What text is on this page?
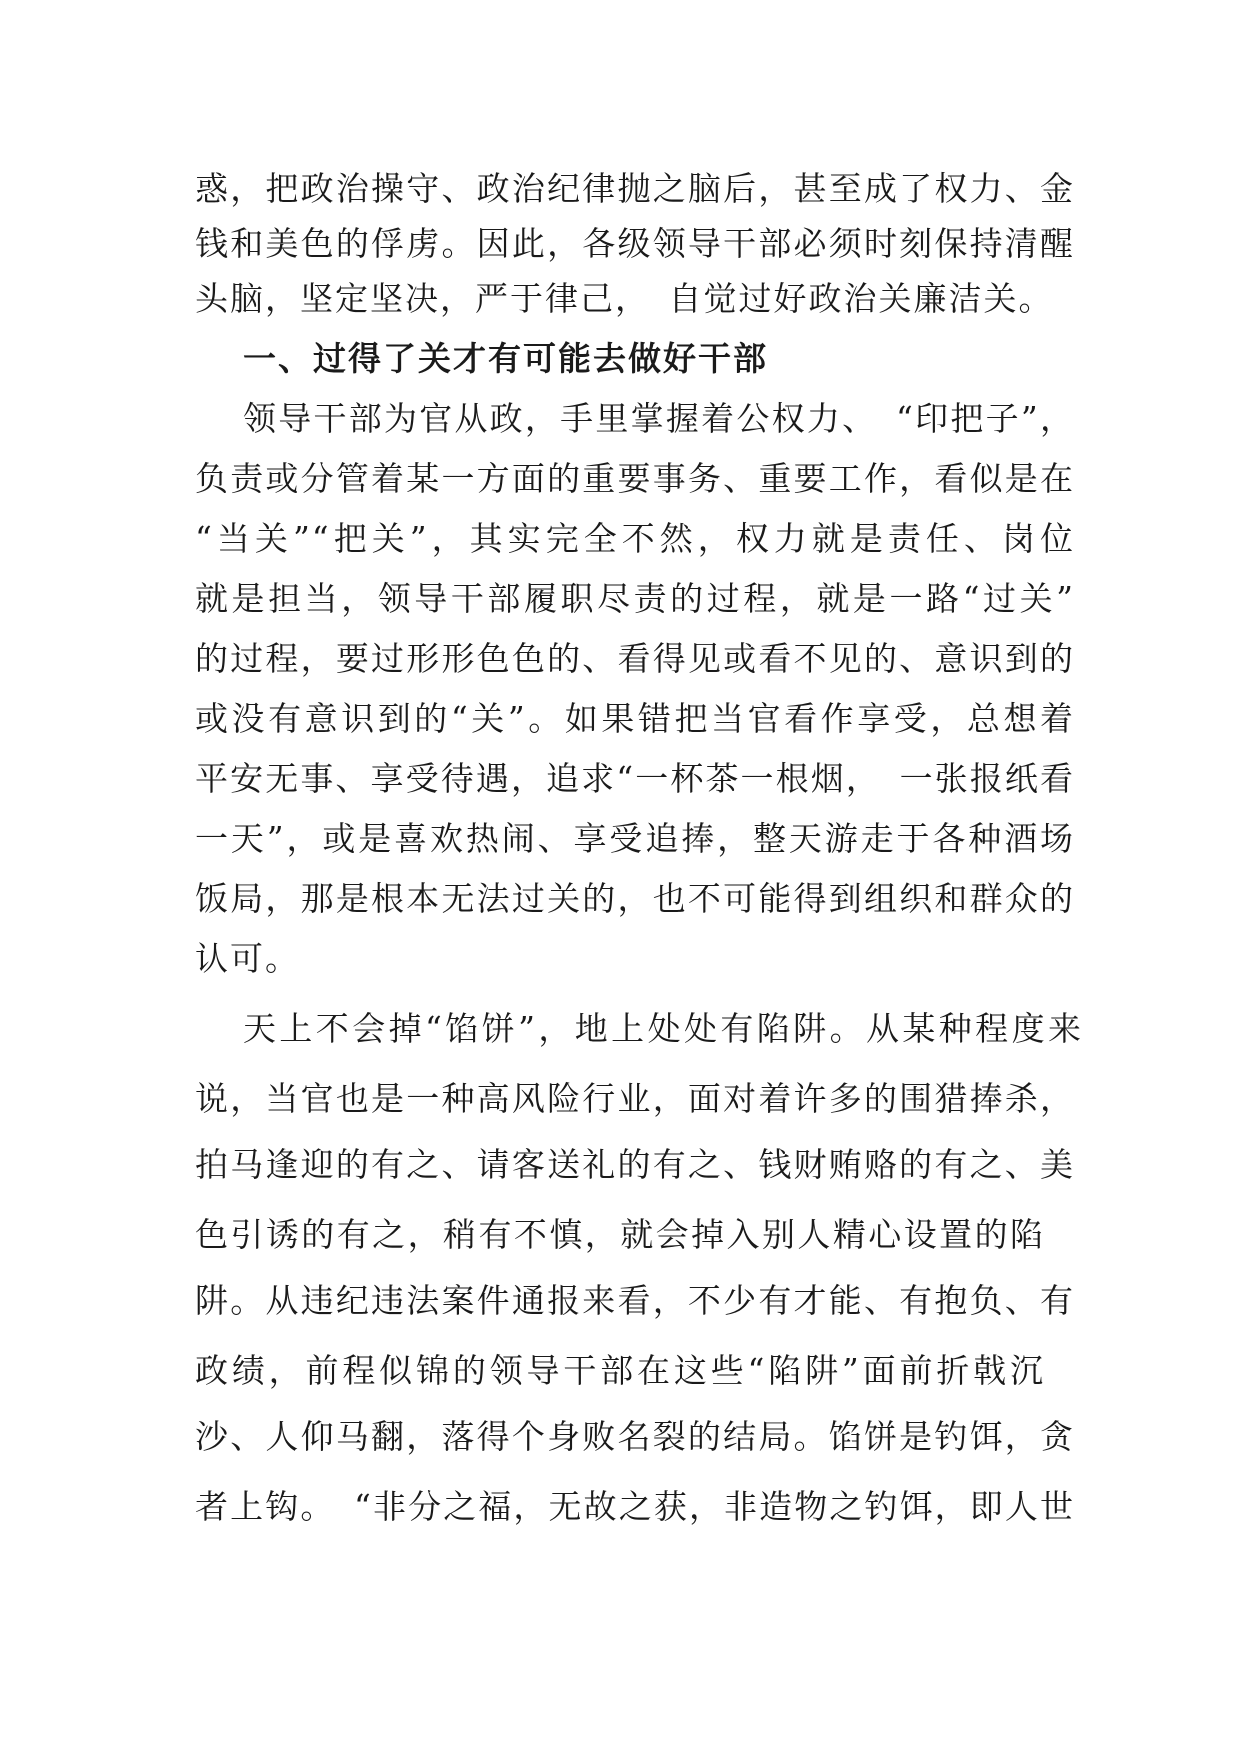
惑，把政治操守、政治纪律抛之脑后，甚至成了权力、金
钱和美色的俘虏。因此，各级领导干部必须时刻保持清醒
头脑，坚定坚决，严于律己，　自觉过好政治关廉洁关。
一、过得了关才有可能去做好干部
领导干部为官从政，手里掌握着公权力、　“印把子”，
负责或分管着某一方面的重要事务、重要工作，看似是在
“当关”“把关”，其实完全不然，权力就是责任、岗位
就是担当，领导干部履职尽责的过程，就是一路“过关”
的过程，要过形形色色的、看得见或看不见的、意识到的
或没有意识到的“关”。如果错把当官看作享受，总想着
平安无事、享受待遇，追求“一杯茶一根烟，　一张报纸看
一天”，或是喜欢热闹、享受追捧，整天游走于各种酒场
饭局，那是根本无法过关的，也不可能得到组织和群众的
认可。
天上不会掉“馅饼”，地上处处有陷阱。从某种程度来
说，当官也是一种高风险行业，面对着许多的围猎捧杀，
拍马逢迎的有之、请客送礼的有之、钱财贿赂的有之、美
色引诱的有之，稍有不慎，就会掉入别人精心设置的陷
阱。从违纪违法案件通报来看，不少有才能、有抱负、有
政绩，前程似锦的领导干部在这些“陷阱”面前折戟沉
沙、人仰马翻，落得个身败名裂的结局。馅饼是钓饵，贪
者上钩。　“非分之福，无故之获，非造物之钓饵，即人世
